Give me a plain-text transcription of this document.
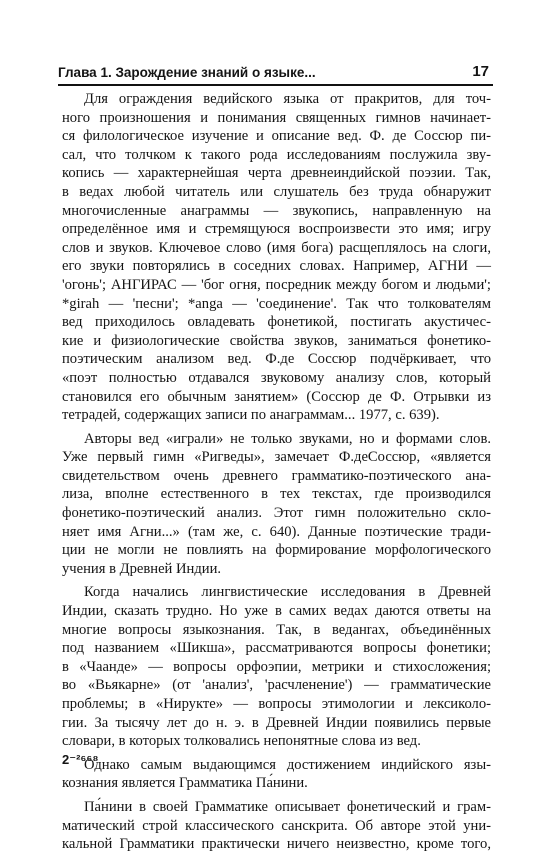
Глава 1. Зарождение знаний о языке...	17

Для ограждения ведийского языка от пракритов, для точ-
ного произношения и понимания священных гимнов начинает-
ся филологическое изучение и описание вед. Ф. де Соссюр пи-
сал, что толчком к такого рода исследованиям послужила зву-
копись — характернейшая черта древнеиндийской поэзии. Так,
в ведах любой читатель или слушатель без труда обнаружит
многочисленные анаграммы — звукопись, направленную на
определённое имя и стремящуюся воспроизвести это имя; игру
слов и звуков. Ключевое слово (имя бога) расщеплялось на слоги,
его звуки повторялись в соседних словах. Например, АГНИ —
'огонь'; АНГИРАС — 'бог огня, посредник между богом и людьми';
*girah — 'песни'; *anga — 'соединение'. Так что толкователям
вед приходилось овладевать фонетикой, постигать акустичес-
кие и физиологические свойства звуков, заниматься фонетико-
поэтическим анализом вед. Ф.де Соссюр подчёркивает, что
«поэт полностью отдавался звуковому анализу слов, который
становился его обычным занятием» (Соссюр де Ф. Отрывки из
тетрадей, содержащих записи по анаграммам... 1977, с. 639).

Авторы вед «играли» не только звуками, но и формами слов.
Уже первый гимн «Ригведы», замечает Ф.деСоссюр, «является
свидетельством очень древнего грамматико-поэтического ана-
лиза, вполне естественного в тех текстах, где производился
фонетико-поэтический анализ. Этот гимн положительно скло-
няет имя Агни...» (там же, с. 640). Данные поэтические тради-
ции не могли не повлиять на формирование морфологического
учения в Древней Индии.

Когда начались лингвистические исследования в Древней
Индии, сказать трудно. Но уже в самих ведах даются ответы на
многие вопросы языкознания. Так, в веданrax, объединённых
под названием «Шикша», рассматриваются вопросы фонетики;
в «Чаанде» — вопросы орфоэпии, метрики и стихосложения;
во «Вьякарне» (от 'анализ', 'расчленение') — грамматические
проблемы; в «Нирукте» — вопросы этимологии и лексиколо-
гии. За тысячу лет до н. э. в Древней Индии появились первые
словари, в которых толковались непонятные слова из вед.

Однако самым выдающимся достижением индийского язы-
кознания является Грамматика Па́нини.

Па́нини в своей Грамматике описывает фонетический и грам-
матический строй классического санскрита. Об авторе этой уни-
кальной Грамматики практически ничего неизвестно, кроме того,

2⁻²⁶⁶⁸
